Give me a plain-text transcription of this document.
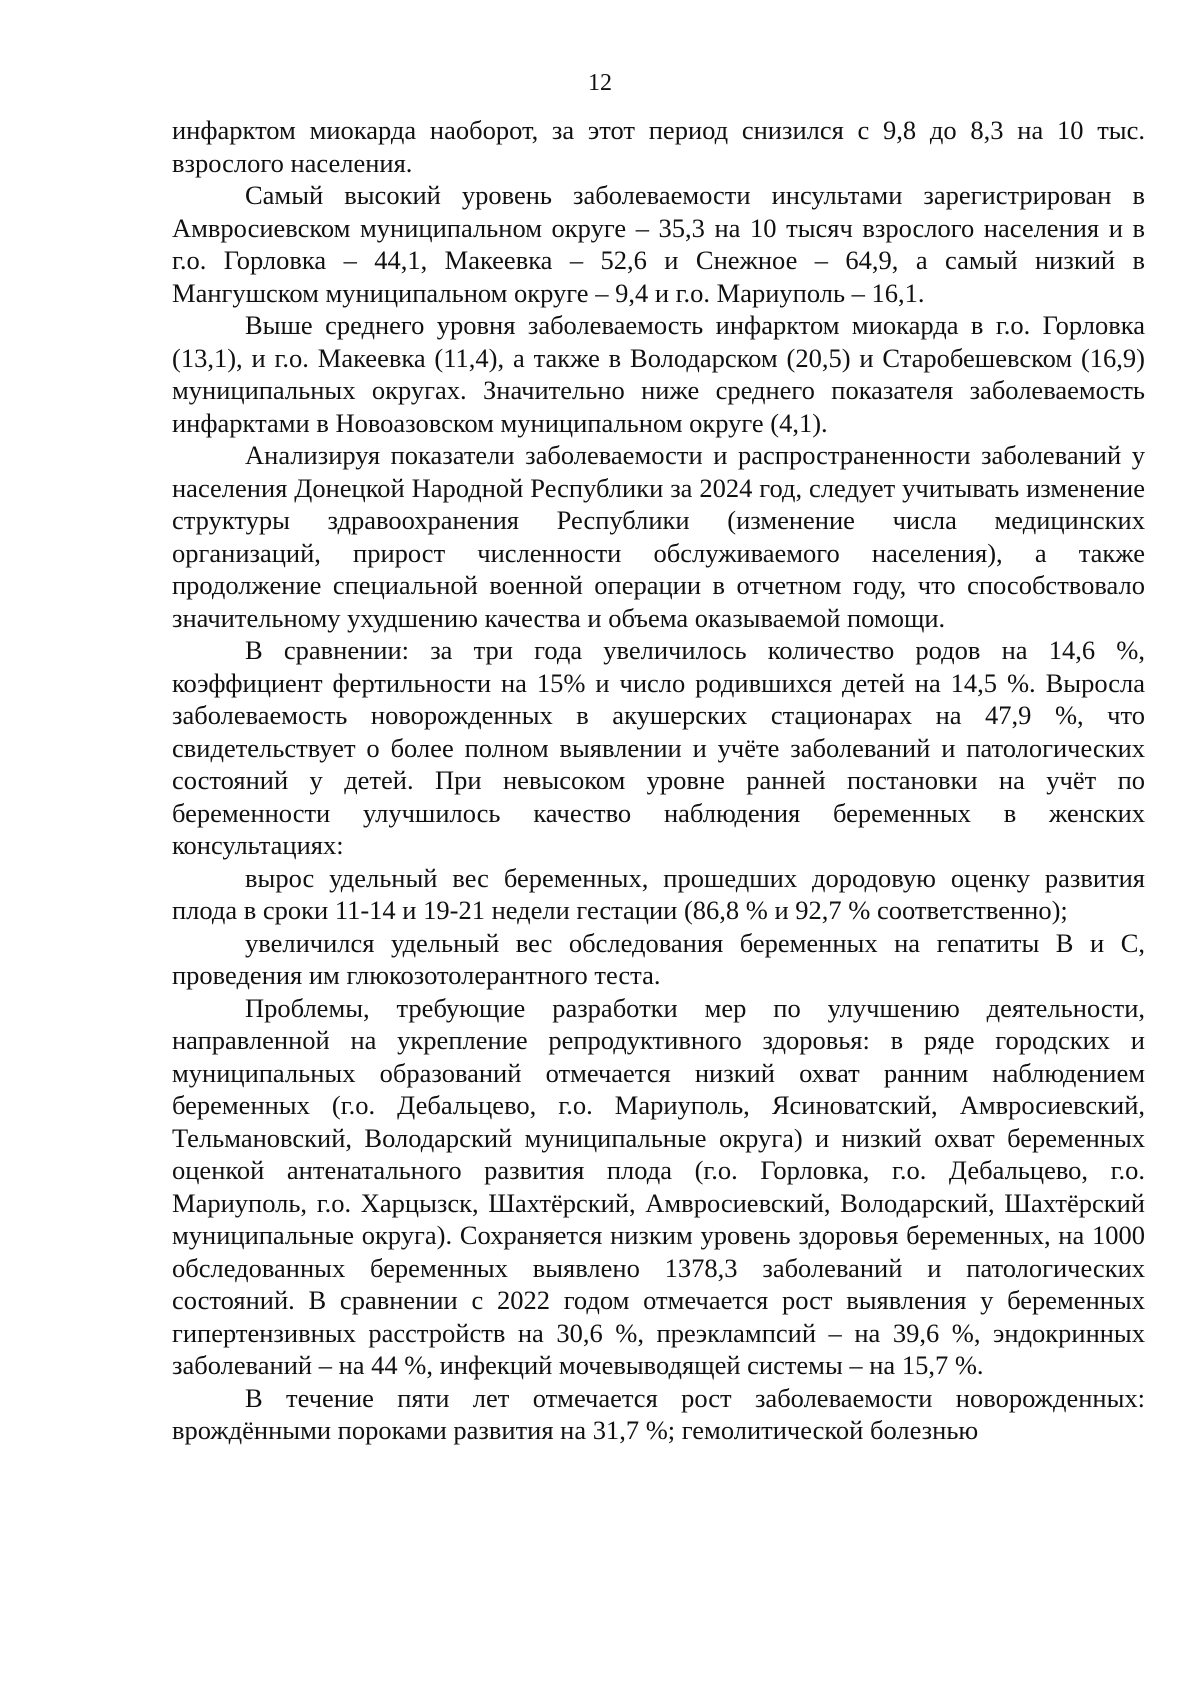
12

инфарктом миокарда наоборот, за этот период снизился с 9,8 до 8,3 на 10 тыс. взрослого населения.

Самый высокий уровень заболеваемости инсультами зарегистрирован в Амвросиевском муниципальном округе – 35,3 на 10 тысяч взрослого населения и в г.о. Горловка – 44,1, Макеевка – 52,6 и Снежное – 64,9, а самый низкий в Мангушском муниципальном округе – 9,4 и г.о. Мариуполь – 16,1.

Выше среднего уровня заболеваемость инфарктом миокарда в г.о. Горловка (13,1), и г.о. Макеевка (11,4), а также в Володарском (20,5) и Старобешевском (16,9) муниципальных округах. Значительно ниже среднего показателя заболеваемость инфарктами в Новоазовском муниципальном округе (4,1).

Анализируя показатели заболеваемости и распространенности заболеваний у населения Донецкой Народной Республики за 2024 год, следует учитывать изменение структуры здравоохранения Республики (изменение числа медицинских организаций, прирост численности обслуживаемого населения), а также продолжение специальной военной операции в отчетном году, что способствовало значительному ухудшению качества и объема оказываемой помощи.

В сравнении: за три года увеличилось количество родов на 14,6 %, коэффициент фертильности на 15% и число родившихся детей на 14,5 %. Выросла заболеваемость новорожденных в акушерских стационарах на 47,9 %, что свидетельствует о более полном выявлении и учёте заболеваний и патологических состояний у детей. При невысоком уровне ранней постановки на учёт по беременности улучшилось качество наблюдения беременных в женских консультациях:

вырос удельный вес беременных, прошедших дородовую оценку развития плода в сроки 11-14 и 19-21 недели гестации (86,8 % и 92,7 % соответственно);

увеличился удельный вес обследования беременных на гепатиты В и С, проведения им глюкозотолерантного теста.

Проблемы, требующие разработки мер по улучшению деятельности, направленной на укрепление репродуктивного здоровья: в ряде городских и муниципальных образований отмечается низкий охват ранним наблюдением беременных (г.о. Дебальцево, г.о. Мариуполь, Ясиноватский, Амвросиевский, Тельмановский, Володарский муниципальные округа) и низкий охват беременных оценкой антенатального развития плода (г.о. Горловка, г.о. Дебальцево, г.о. Мариуполь, г.о. Харцызск, Шахтёрский, Амвросиевский, Володарский, Шахтёрский муниципальные округа). Сохраняется низким уровень здоровья беременных, на 1000 обследованных беременных выявлено 1378,3 заболеваний и патологических состояний. В сравнении с 2022 годом отмечается рост выявления у беременных гипертензивных расстройств на 30,6 %, преэклампсий – на 39,6 %, эндокринных заболеваний – на 44 %, инфекций мочевыводящей системы – на 15,7 %.

В течение пяти лет отмечается рост заболеваемости новорожденных: врождёнными пороками развития на 31,7 %; гемолитической болезнью
